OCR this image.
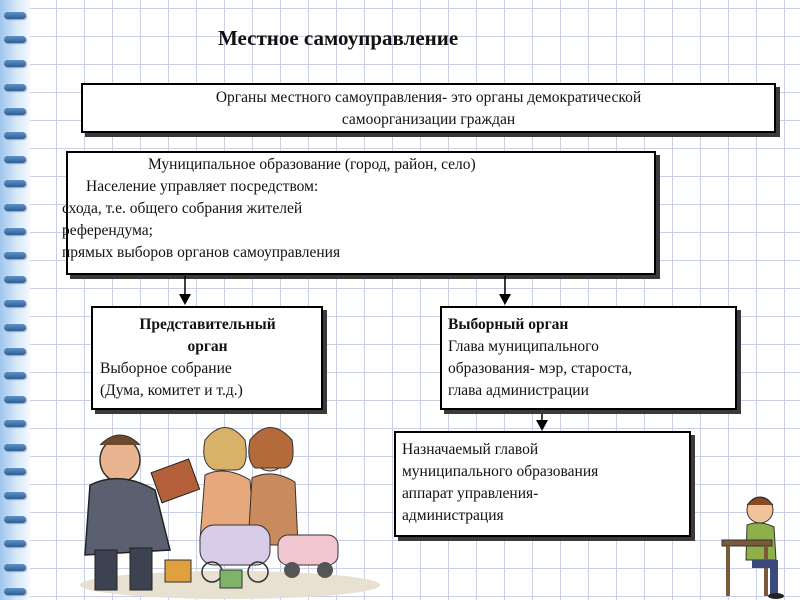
Местное самоуправление
Органы местного самоуправления- это органы демократической
самоорганизации граждан
Муниципальное образование (город, район, село)
Население управляет посредством:
схода, т.е. общего собрания жителей
референдума;
прямых выборов органов самоуправления
Представительный
орган
Выборное собрание
(Дума, комитет и т.д.)
Выборный орган
Глава муниципального
образования- мэр, староста,
глава администрации
Назначаемый главой
муниципального образования
аппарат управления-
администрация
